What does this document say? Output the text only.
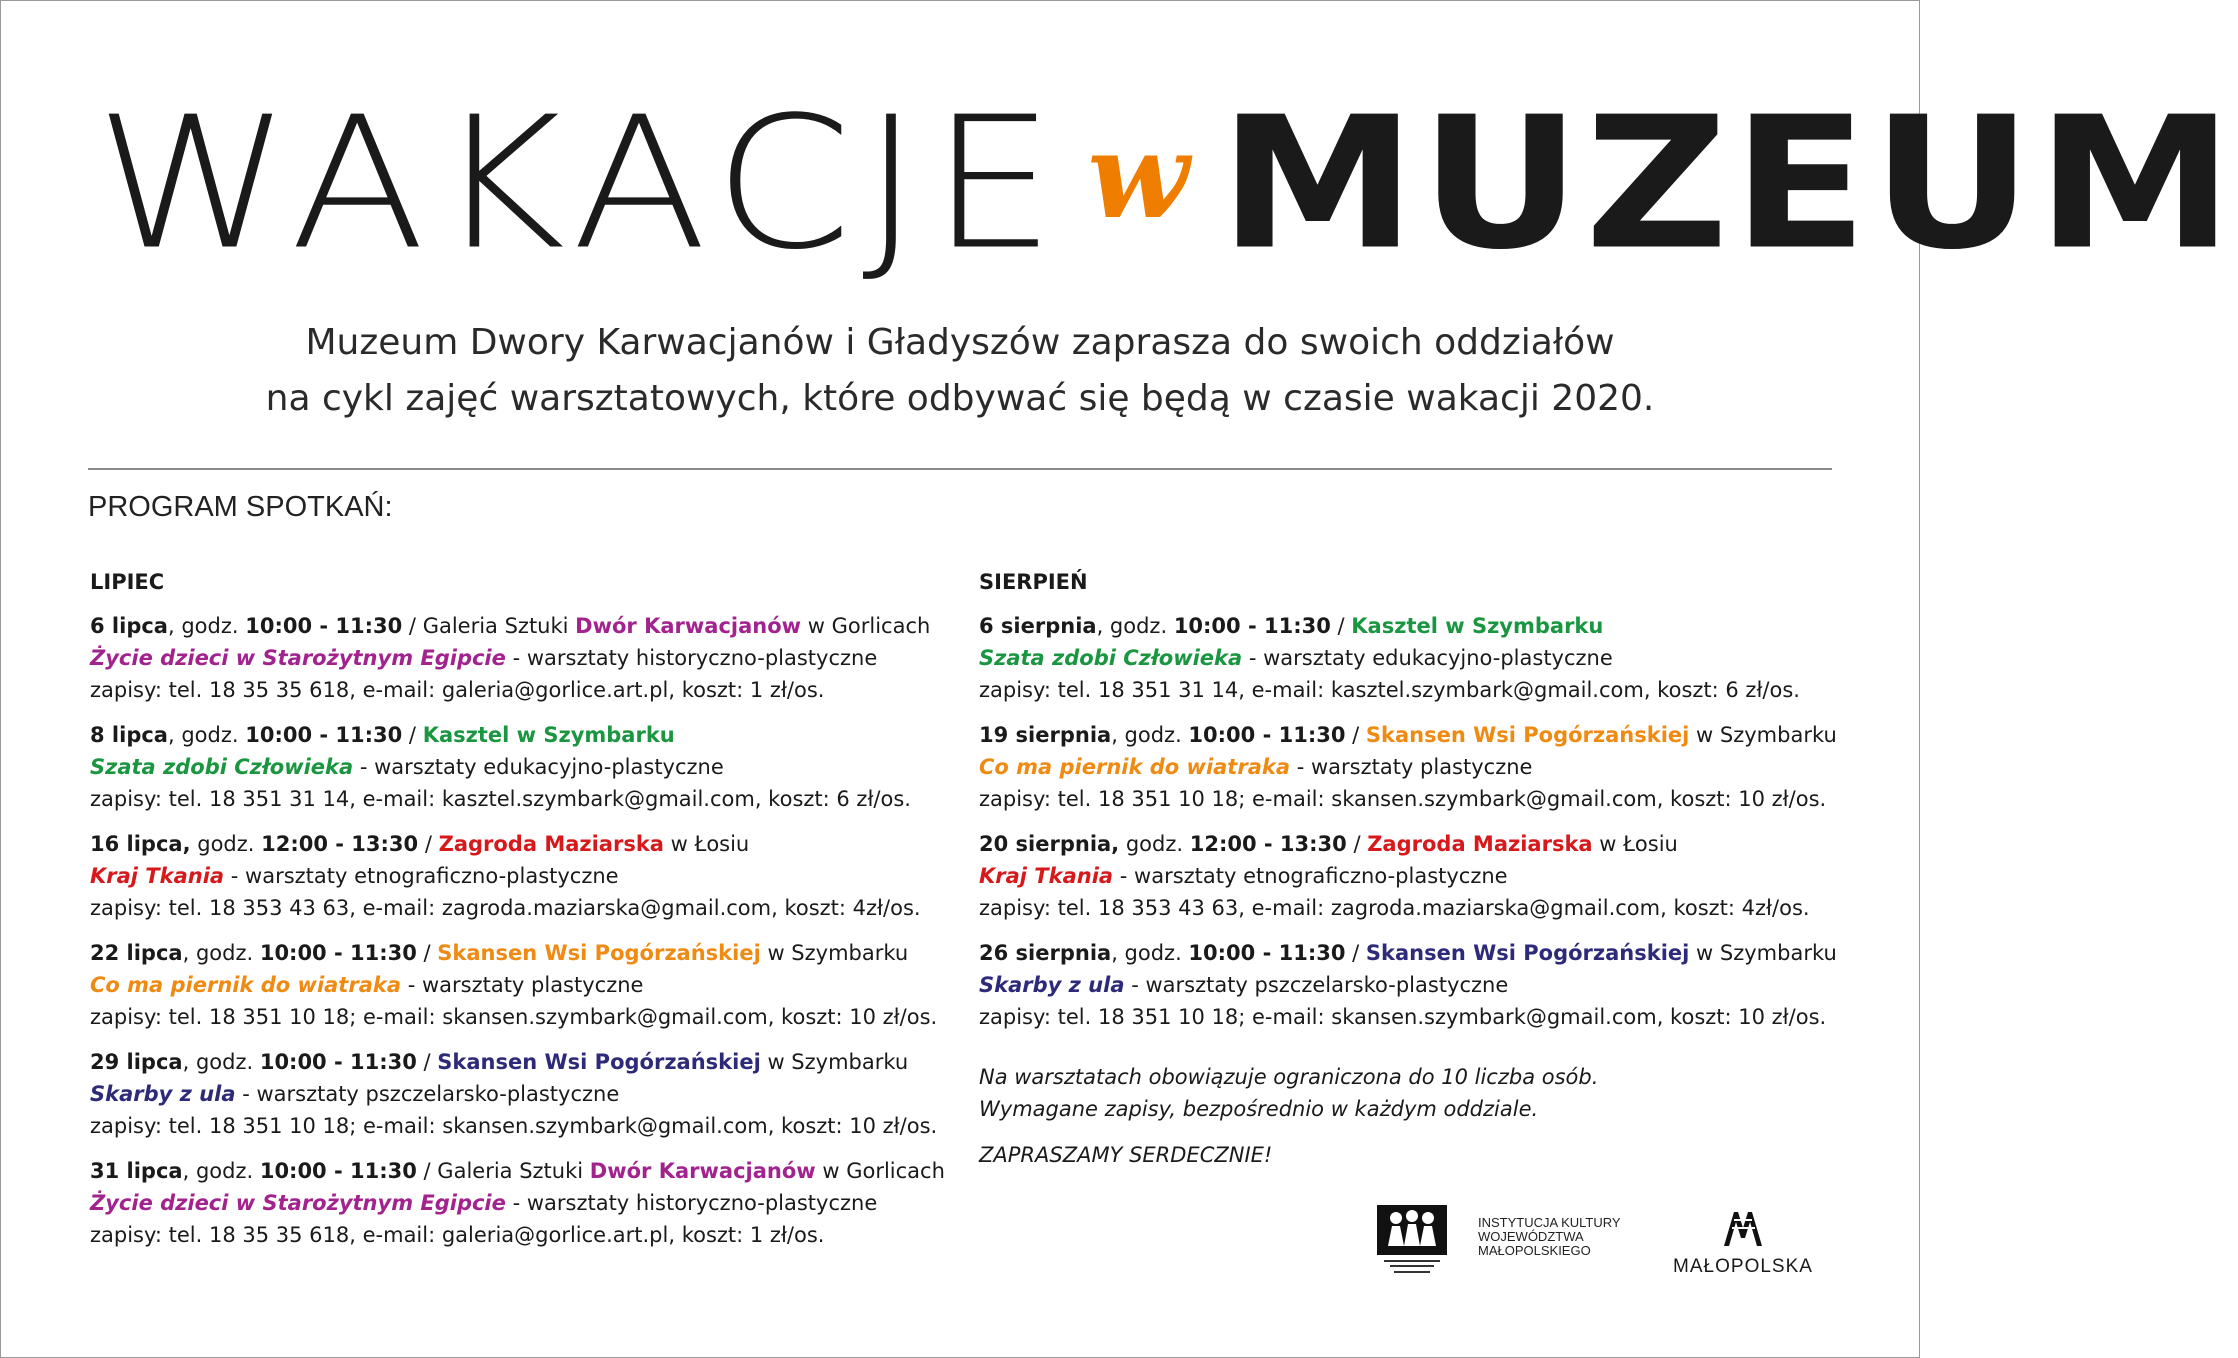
WAKACJE w MUZEUM
Muzeum Dwory Karwacjanów i Gładyszów zaprasza do swoich oddziałów
na cykl zajęć warsztatowych, które odbywać się będą w czasie wakacji 2020.
PROGRAM SPOTKAŃ:
LIPIEC
6 lipca, godz. 10:00 - 11:30 / Galeria Sztuki Dwór Karwacjanów w Gorlicach
Życie dzieci w Starożytnym Egipcie - warsztaty historyczno-plastyczne
zapisy: tel. 18 35 35 618, e-mail: galeria@gorlice.art.pl, koszt: 1 zł/os.
8 lipca, godz. 10:00 - 11:30 / Kasztel w Szymbarku
Szata zdobi Człowieka - warsztaty edukacyjno-plastyczne
zapisy: tel. 18 351 31 14, e-mail: kasztel.szymbark@gmail.com, koszt: 6 zł/os.
16 lipca, godz. 12:00 - 13:30 / Zagroda Maziarska w Łosiu
Kraj Tkania - warsztaty etnograficzno-plastyczne
zapisy: tel. 18 353 43 63, e-mail: zagroda.maziarska@gmail.com, koszt: 4zł/os.
22 lipca, godz. 10:00 - 11:30 / Skansen Wsi Pogórzańskiej w Szymbarku
Co ma piernik do wiatraka - warsztaty plastyczne
zapisy: tel. 18 351 10 18; e-mail: skansen.szymbark@gmail.com, koszt: 10 zł/os.
29 lipca, godz. 10:00 - 11:30 / Skansen Wsi Pogórzańskiej w Szymbarku
Skarby z ula - warsztaty pszczelarsko-plastyczne
zapisy: tel. 18 351 10 18; e-mail: skansen.szymbark@gmail.com, koszt: 10 zł/os.
31 lipca, godz. 10:00 - 11:30 / Galeria Sztuki Dwór Karwacjanów w Gorlicach
Życie dzieci w Starożytnym Egipcie - warsztaty historyczno-plastyczne
zapisy: tel. 18 35 35 618, e-mail: galeria@gorlice.art.pl, koszt: 1 zł/os.
SIERPIEŃ
6 sierpnia, godz. 10:00 - 11:30 / Kasztel w Szymbarku
Szata zdobi Człowieka - warsztaty edukacyjno-plastyczne
zapisy: tel. 18 351 31 14, e-mail: kasztel.szymbark@gmail.com, koszt: 6 zł/os.
19 sierpnia, godz. 10:00 - 11:30 / Skansen Wsi Pogórzańskiej w Szymbarku
Co ma piernik do wiatraka - warsztaty plastyczne
zapisy: tel. 18 351 10 18; e-mail: skansen.szymbark@gmail.com, koszt: 10 zł/os.
20 sierpnia, godz. 12:00 - 13:30 / Zagroda Maziarska w Łosiu
Kraj Tkania - warsztaty etnograficzno-plastyczne
zapisy: tel. 18 353 43 63, e-mail: zagroda.maziarska@gmail.com, koszt: 4zł/os.
26 sierpnia, godz. 10:00 - 11:30 / Skansen Wsi Pogórzańskiej w Szymbarku
Skarby z ula - warsztaty pszczelarsko-plastyczne
zapisy: tel. 18 351 10 18; e-mail: skansen.szymbark@gmail.com, koszt: 10 zł/os.
Na warsztatach obowiązuje ograniczona do 10 liczba osób.
Wymagane zapisy, bezpośrednio w każdym oddziale.
ZAPRASZAMY SERDECZNIE!
INSTYTUCJA KULTURY
WOJEWÓDZTWA
MAŁOPOLSKIEGO
MAŁOPOLSKA
